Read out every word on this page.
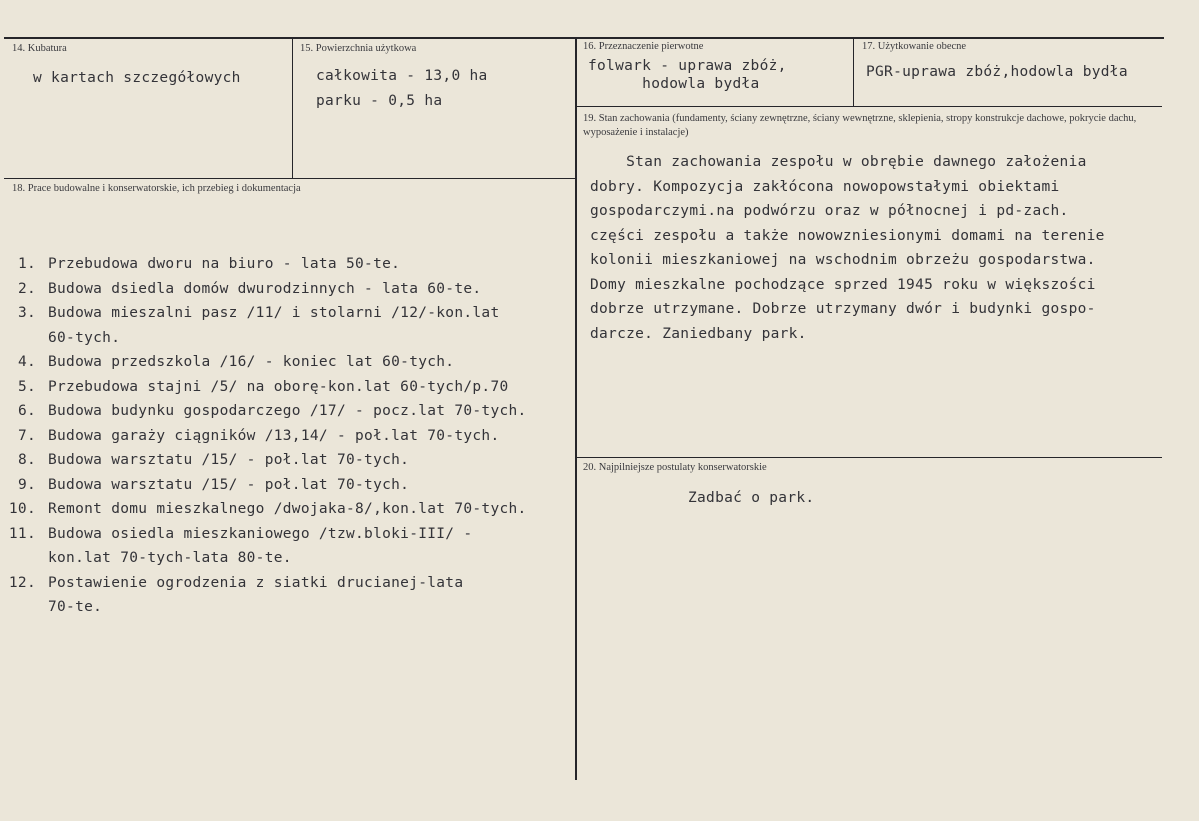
14. Kubatura
w kartach szczegółowych
15. Powierzchnia użytkowa
całkowita - 13,0 ha
parku - 0,5 ha
16. Przeznaczenie pierwotne
folwark - uprawa zbóż,
hodowla bydła
17. Użytkowanie obecne
PGR-uprawa zbóż,hodowla bydła
19. Stan zachowania (fundamenty, ściany zewnętrzne, ściany wewnętrzne, sklepienia, stropy konstrukcje dachowe, pokrycie dachu, wyposażenie i instalacje)
Stan zachowania zespołu w obrębie dawnego założenia
dobry. Kompozycja zakłócona nowopowstałymi obiektami
gospodarczymi.na podwórzu oraz w północnej i pd-zach.
części zespołu a także nowowzniesionymi domami na terenie
kolonii mieszkaniowej na wschodnim obrzeżu gospodarstwa.
Domy mieszkalne pochodzące sprzed 1945 roku w większości
dobrze utrzymane. Dobrze utrzymany dwór i budynki gospo-
darcze. Zaniedbany park.
18. Prace budowalne i konserwatorskie, ich przebieg i dokumentacja

1. Przebudowa dworu na biuro - lata 50-te.
2. Budowa dsiedla domów dwurodzinnych - lata 60-te.
3. Budowa mieszalni pasz /11/ i stolarni /12/-kon.lat
60-tych.
4. Budowa przedszkola /16/ - koniec lat 60-tych.
5. Przebudowa stajni /5/ na oborę-kon.lat 60-tych/p.70
6. Budowa budynku gospodarczego /17/ - pocz.lat 70-tych.
7. Budowa garaży ciągników /13,14/ - poł.lat 70-tych.
8. Budowa warsztatu /15/ - poł.lat 70-tych.
9. Budowa warsztatu /15/ - poł.lat 70-tych.
10. Remont domu mieszkalnego /dwojaka-8/,kon.lat 70-tych.
11. Budowa osiedla mieszkaniowego /tzw.bloki-III/ -
kon.lat 70-tych-lata 80-te.
12. Postawienie ogrodzenia z siatki drucianej-lata
70-te.

20. Najpilniejsze postulaty konserwatorskie
Zadbać o park.
